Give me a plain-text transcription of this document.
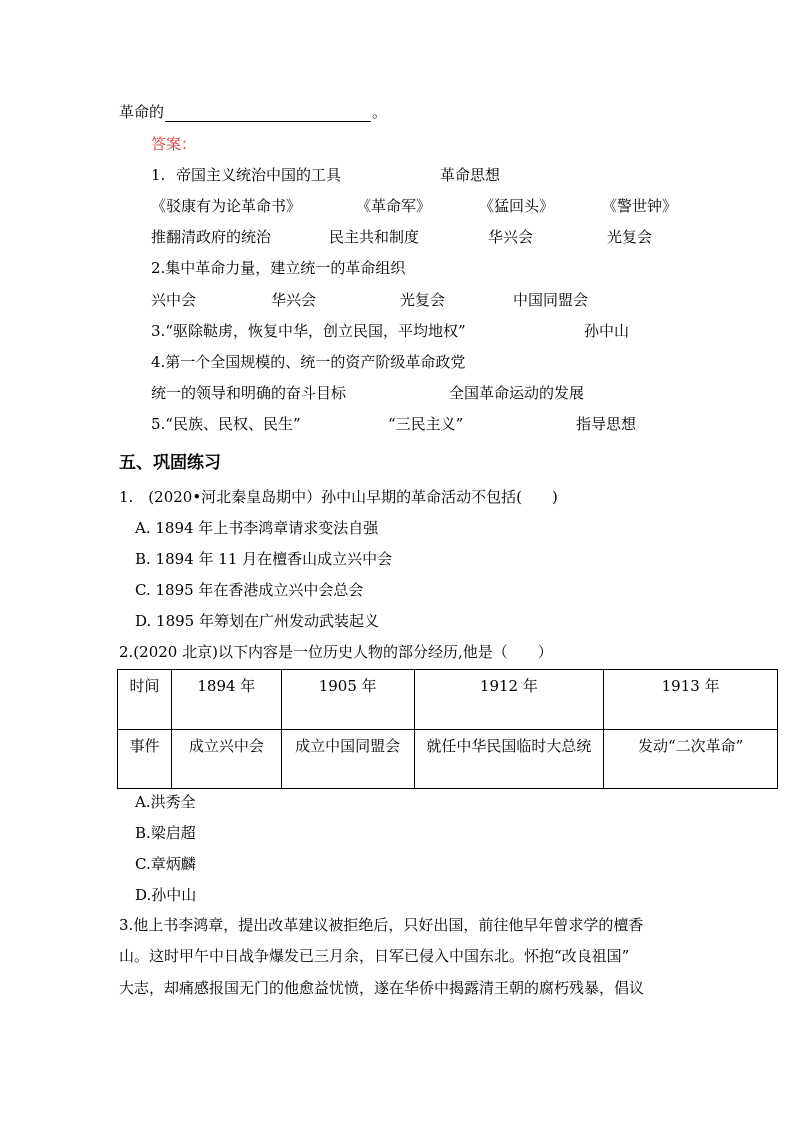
革命的	。
答案：
1. 帝国主义统治中国的工具	革命思想
《驳康有为论革命书》	《革命军》	《猛回头》	《警世钟》
推翻清政府的统治	民主共和制度	华兴会	光复会
2.集中革命力量，建立统一的革命组织
兴中会	华兴会	光复会	中国同盟会
3.“驱除鞑虏，恢复中华，创立民国，平均地权”	孙中山
4.第一个全国规模的、统一的资产阶级革命政党
统一的领导和明确的奋斗目标	全国革命运动的发展
5.“民族、民权、民生”	“三民主义”	指导思想
五、巩固练习
1.　(2020•河北秦皇岛期中）孙中山早期的革命活动不包括(　　)
A. 1894 年上书李鸿章请求变法自强
B. 1894 年 11 月在檀香山成立兴中会
C. 1895 年在香港成立兴中会总会
D. 1895 年筹划在广州发动武装起义
2.(2020 北京)以下内容是一位历史人物的部分经历,他是（　　）
时间	1894 年	1905 年	1912 年	1913 年
事件	成立兴中会	成立中国同盟会	就任中华民国临时大总统	发动“二次革命”
A.洪秀全
B.梁启超
C.章炳麟
D.孙中山
3.他上书李鸿章，提出改革建议被拒绝后，只好出国，前往他早年曾求学的檀香
山。这时甲午中日战争爆发已三月余，日军已侵入中国东北。怀抱“改良祖国”
大志，却痛感报国无门的他愈益忧愤，遂在华侨中揭露清王朝的腐朽残暴，倡议
